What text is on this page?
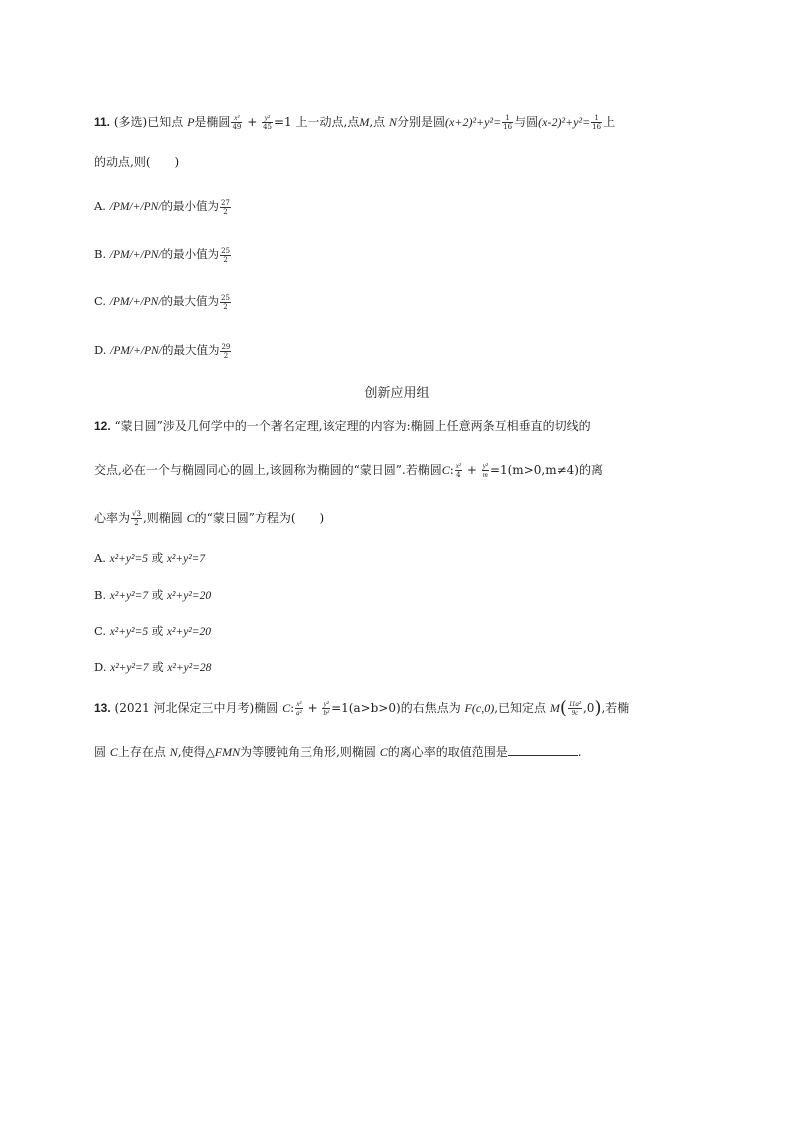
11. (多选)已知点 P是椭圆 $\frac{\text{x²}}{49} + \frac{\text{y²}}{45} =1$ 上一动点,点M,点 N分别是圆$(x+2)^2+y^2= \frac{1}{16}$ 与圆$(x-2)^2+y^2= \frac{1}{16}$ 上
的动点,则(　　)
A. /PM/+/PN/的最小值为 $\frac{27}{2}$
B. /PM/+/PN/的最小值为 $\frac{25}{2}$
C. /PM/+/PN/的最大值为 $\frac{25}{2}$
D. /PM/+/PN/的最大值为 $\frac{29}{2}$
创新应用组
12. “蒙日圆”涉及几何学中的一个著名定理,该定理的内容为:椭圆上任意两条互相垂直的切线的
交点,必在一个与椭圆同心的圆上,该圆称为椭圆的“蒙日圆”.若椭圆C: $\frac{\text{x²}}{4} + \frac{\text{y²}}{m} =1(m>0,m\ne 4)$的离
心率为 $\frac{√3}{2}$ ,则椭圆 C的“蒙日圆”方程为(　　)
A. x²+y²=5 或 x²+y²=7
B. x²+y²=7 或 x²+y²=20
C. x²+y²=5 或 x²+y²=20
D. x²+y²=7 或 x²+y²=28
13. (2021 河北保定三中月考)椭圆 C: $\frac{\text{x²}}{\text{a²}} + \frac{\text{y²}}{\text{b²}} =1(a>b>0)$的右焦点为 F(c,0),已知定点 $M( \frac{\text{11a²}}{9c} ,0)$,若椭
圆 C上存在点 N,使得△FMN为等腰钝角三角形,则椭圆 C的离心率的取值范围是	.
